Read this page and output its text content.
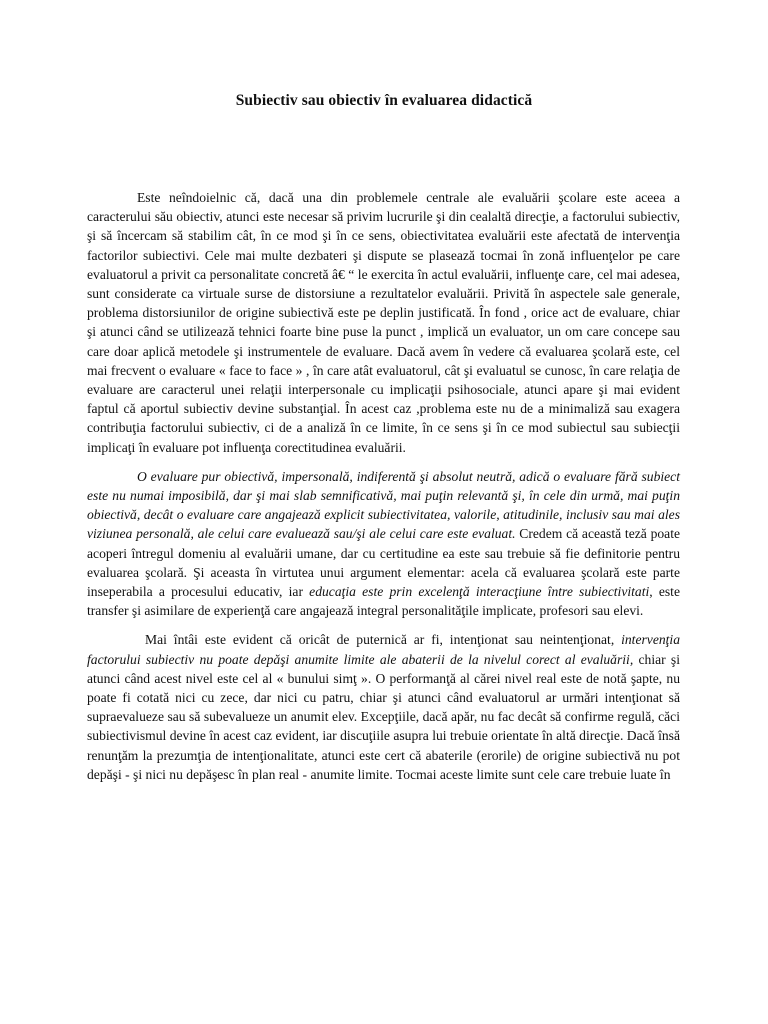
Subiectiv sau obiectiv în evaluarea didactică

Este neîndoielnic că, dacă una din problemele centrale ale evaluării şcolare este aceea a caracterului său obiectiv, atunci este necesar să privim lucrurile şi din cealaltă direcţie, a factorului subiectiv, şi să încercam să stabilim cât, în ce mod şi în ce sens, obiectivitatea evaluării este afectată de intervenţia factorilor subiectivi. Cele mai multe dezbateri şi dispute se plasează tocmai în zonă influenţelor pe care evaluatorul a privit ca personalitate concretă â€ “ le exercita în actul evaluării, influenţe care, cel mai adesea, sunt considerate ca virtuale surse de distorsiune a rezultatelor evaluării. Privită în aspectele sale generale, problema distorsiunilor de origine subiectivă este pe deplin justificată. În fond , orice act de evaluare, chiar şi atunci când se utilizează tehnici foarte bine puse la punct , implică un evaluator, un om care concepe sau care doar aplică metodele şi instrumentele de evaluare. Dacă avem în vedere că evaluarea şcolară este, cel mai frecvent o evaluare « face to face » , în care atât evaluatorul, cât şi evaluatul se cunosc, în care relaţia de evaluare are caracterul unei relaţii interpersonale cu implicaţii psihosociale, atunci apare şi mai evident faptul că aportul subiectiv devine substanţial. În acest caz ,problema este nu de a minimaliză sau exagera contribuţia factorului subiectiv, ci de a analiză în ce limite, în ce sens şi în ce mod subiectul sau subiecţii implicaţi în evaluare pot influenţa corectitudinea evaluării.

O evaluare pur obiectivă, impersonală, indiferentă şi absolut neutră, adică o evaluare fără subiect este nu numai imposibilă, dar şi mai slab semnificativă, mai puţin relevantă şi, în cele din urmă, mai puţin obiectivă, decât o evaluare care angajează explicit subiectivitatea, valorile, atitudinile, inclusiv sau mai ales viziunea personală, ale celui care evaluează sau/şi ale celui care este evaluat. Credem că această teză poate acoperi întregul domeniu al evaluării umane, dar cu certitudine ea este sau trebuie să fie definitorie pentru evaluarea şcolară. Şi aceasta în virtutea unui argument elementar: acela că evaluarea şcolară este parte inseperabila a procesului educativ, iar educaţia este prin excelenţă interacţiune între subiectivitati, este transfer şi asimilare de experienţă care angajează integral personalităţile implicate, profesori sau elevi.

Mai întâi este evident că oricât de puternică ar fi, intenţionat sau neintenţionat, intervenţia factorului subiectiv nu poate depăşi anumite limite ale abaterii de la nivelul corect al evaluării, chiar şi atunci când acest nivel este cel al « bunului simţ ». O performanţă al cărei nivel real este de notă şapte, nu poate fi cotată nici cu zece, dar nici cu patru, chiar şi atunci când evaluatorul ar urmări intenţionat să supraevalueze sau să subevalueze un anumit elev. Excepţiile, dacă apăr, nu fac decât să confirme regulă, căci subiectivismul devine în acest caz evident, iar discuţiile asupra lui trebuie orientate în altă direcţie. Dacă însă renunţăm la prezumţia de intenţionalitate, atunci este cert că abaterile (erorile) de origine subiectivă nu pot depăşi - şi nici nu depăşesc în plan real - anumite limite. Tocmai aceste limite sunt cele care trebuie luate în
